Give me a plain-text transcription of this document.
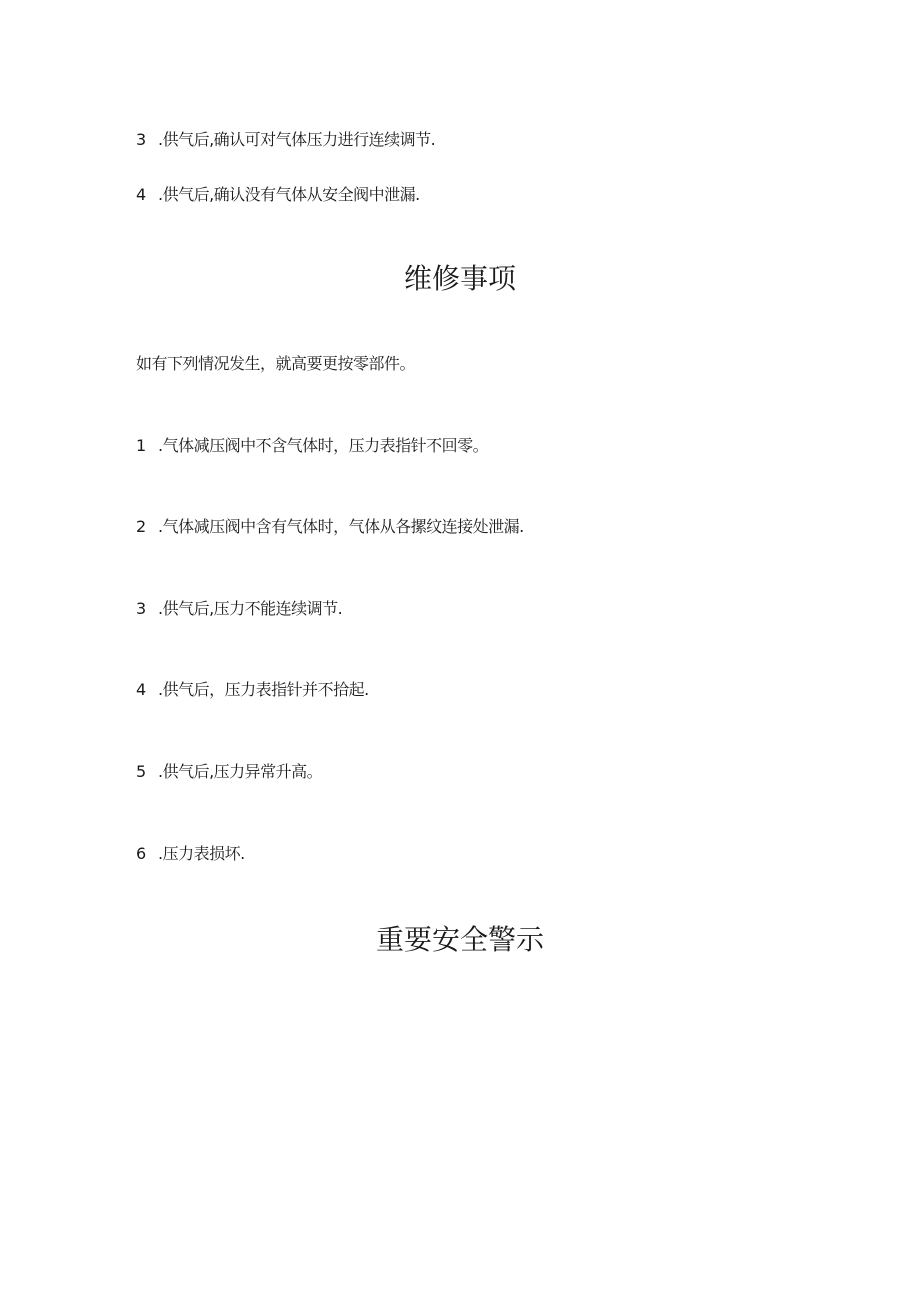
3 .供气后,确认可对气体压力进行连续调节.
4 .供气后,确认没有气体从安全阀中泄漏.
维修事项
如有下列情况发生，就高要更按零部件。
1 .气体减压阀中不含气体时，压力表指针不回零。
2 .气体减压阀中含有气体时，气体从各摞纹连接处泄漏.
3 .供气后,压力不能连续调节.
4 .供气后，压力表指针并不拾起.
5 .供气后,压力异常升高。
6 .压力表损坏.
重要安全警示
